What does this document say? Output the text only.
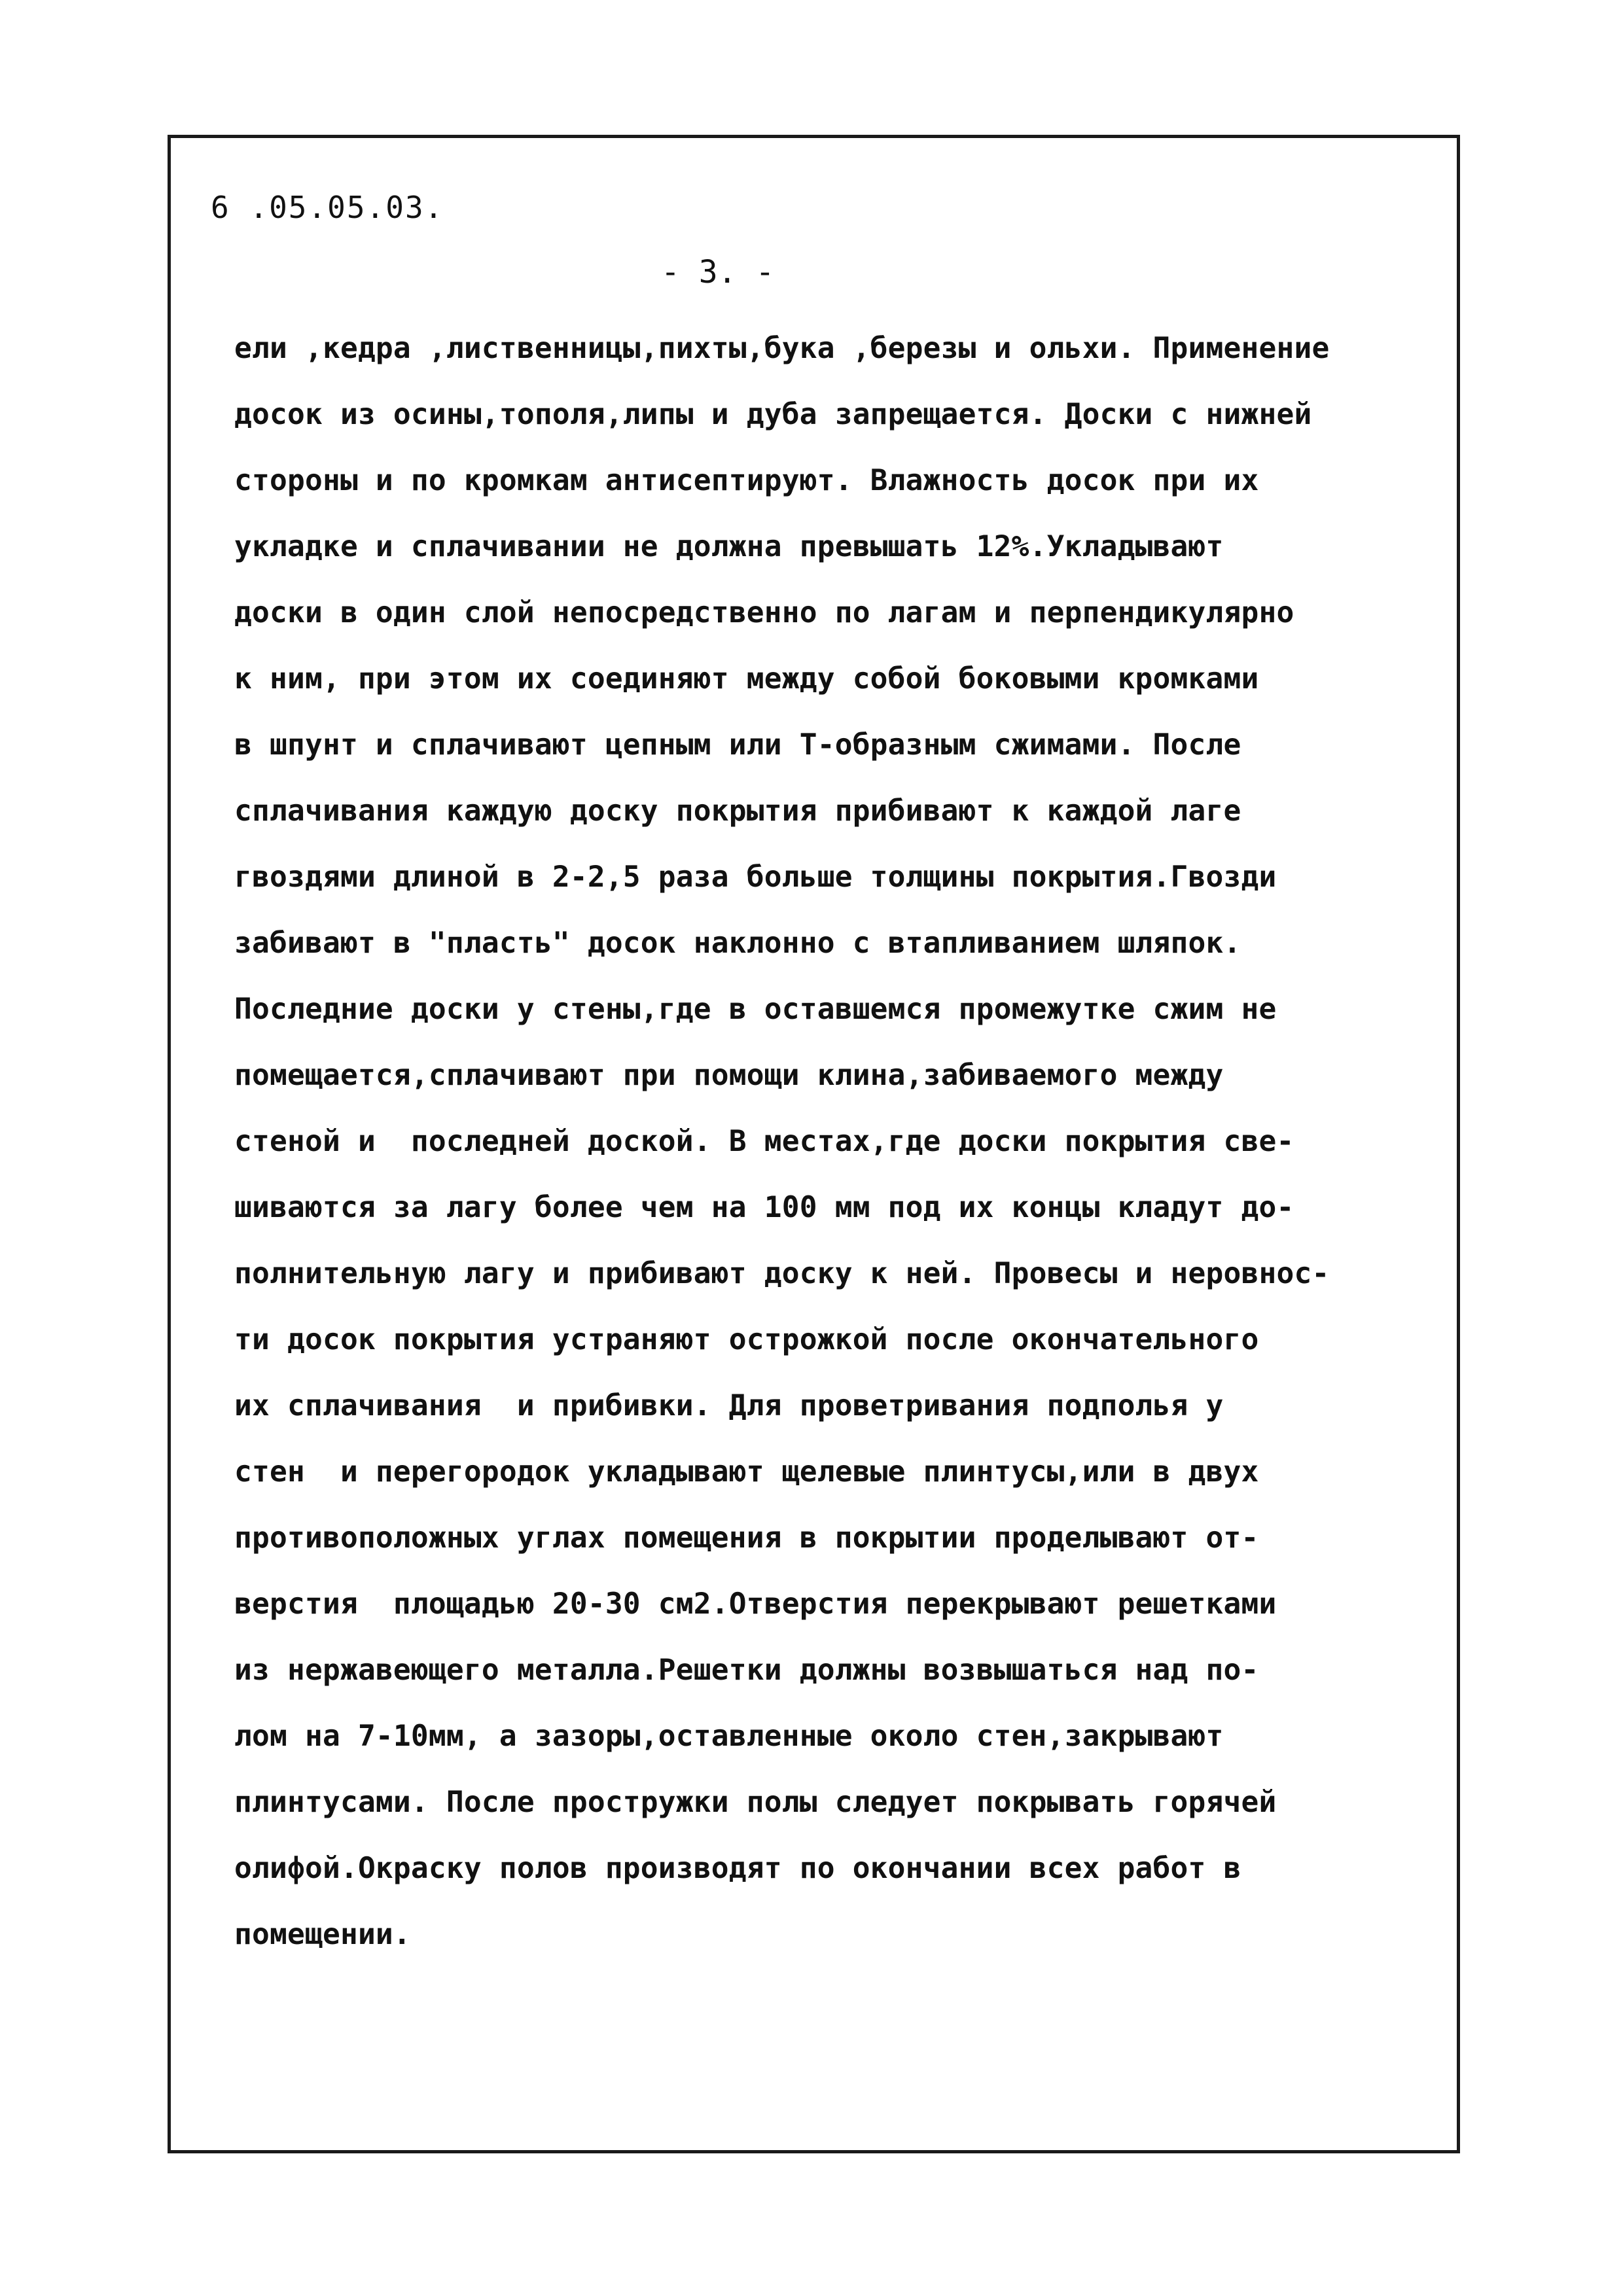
6 .05.05.03.
- 3. -
ели ,кедра ,лиственницы,пихты,бука ,березы и ольхи. Применение
досок из осины,тополя,липы и дуба запрещается. Доски с нижней
стороны и по кромкам антисептируют. Влажность досок при их
укладке и сплачивании не должна превышать 12%.Укладывают
доски в один слой непосредственно по лагам и перпендикулярно
к ним, при этом их соединяют между собой боковыми кромками
в шпунт и сплачивают цепным или Т-образным сжимами. После
сплачивания каждую доску покрытия прибивают к каждой лаге
гвоздями длиной в 2-2,5 раза больше толщины покрытия.Гвозди
забивают в "пласть" досок наклонно с втапливанием шляпок.
Последние доски у стены,где в оставшемся промежутке сжим не
помещается,сплачивают при помощи клина,забиваемого между
стеной и  последней доской. В местах,где доски покрытия све-
шиваются за лагу более чем на 100 мм под их концы кладут до-
полнительную лагу и прибивают доску к ней. Провесы и неровнос-
ти досок покрытия устраняют острожкой после окончательного
их сплачивания  и прибивки. Для проветривания подполья у
стен  и перегородок укладывают щелевые плинтусы,или в двух
противоположных углах помещения в покрытии проделывают от-
верстия  площадью 20-30 см2.Отверстия перекрывают решетками
из нержавеющего металла.Решетки должны возвышаться над по-
лом на 7-10мм, а зазоры,оставленные около стен,закрывают
плинтусами. После простружки полы следует покрывать горячей
олифой.Окраску полов производят по окончании всех работ в
помещении.
